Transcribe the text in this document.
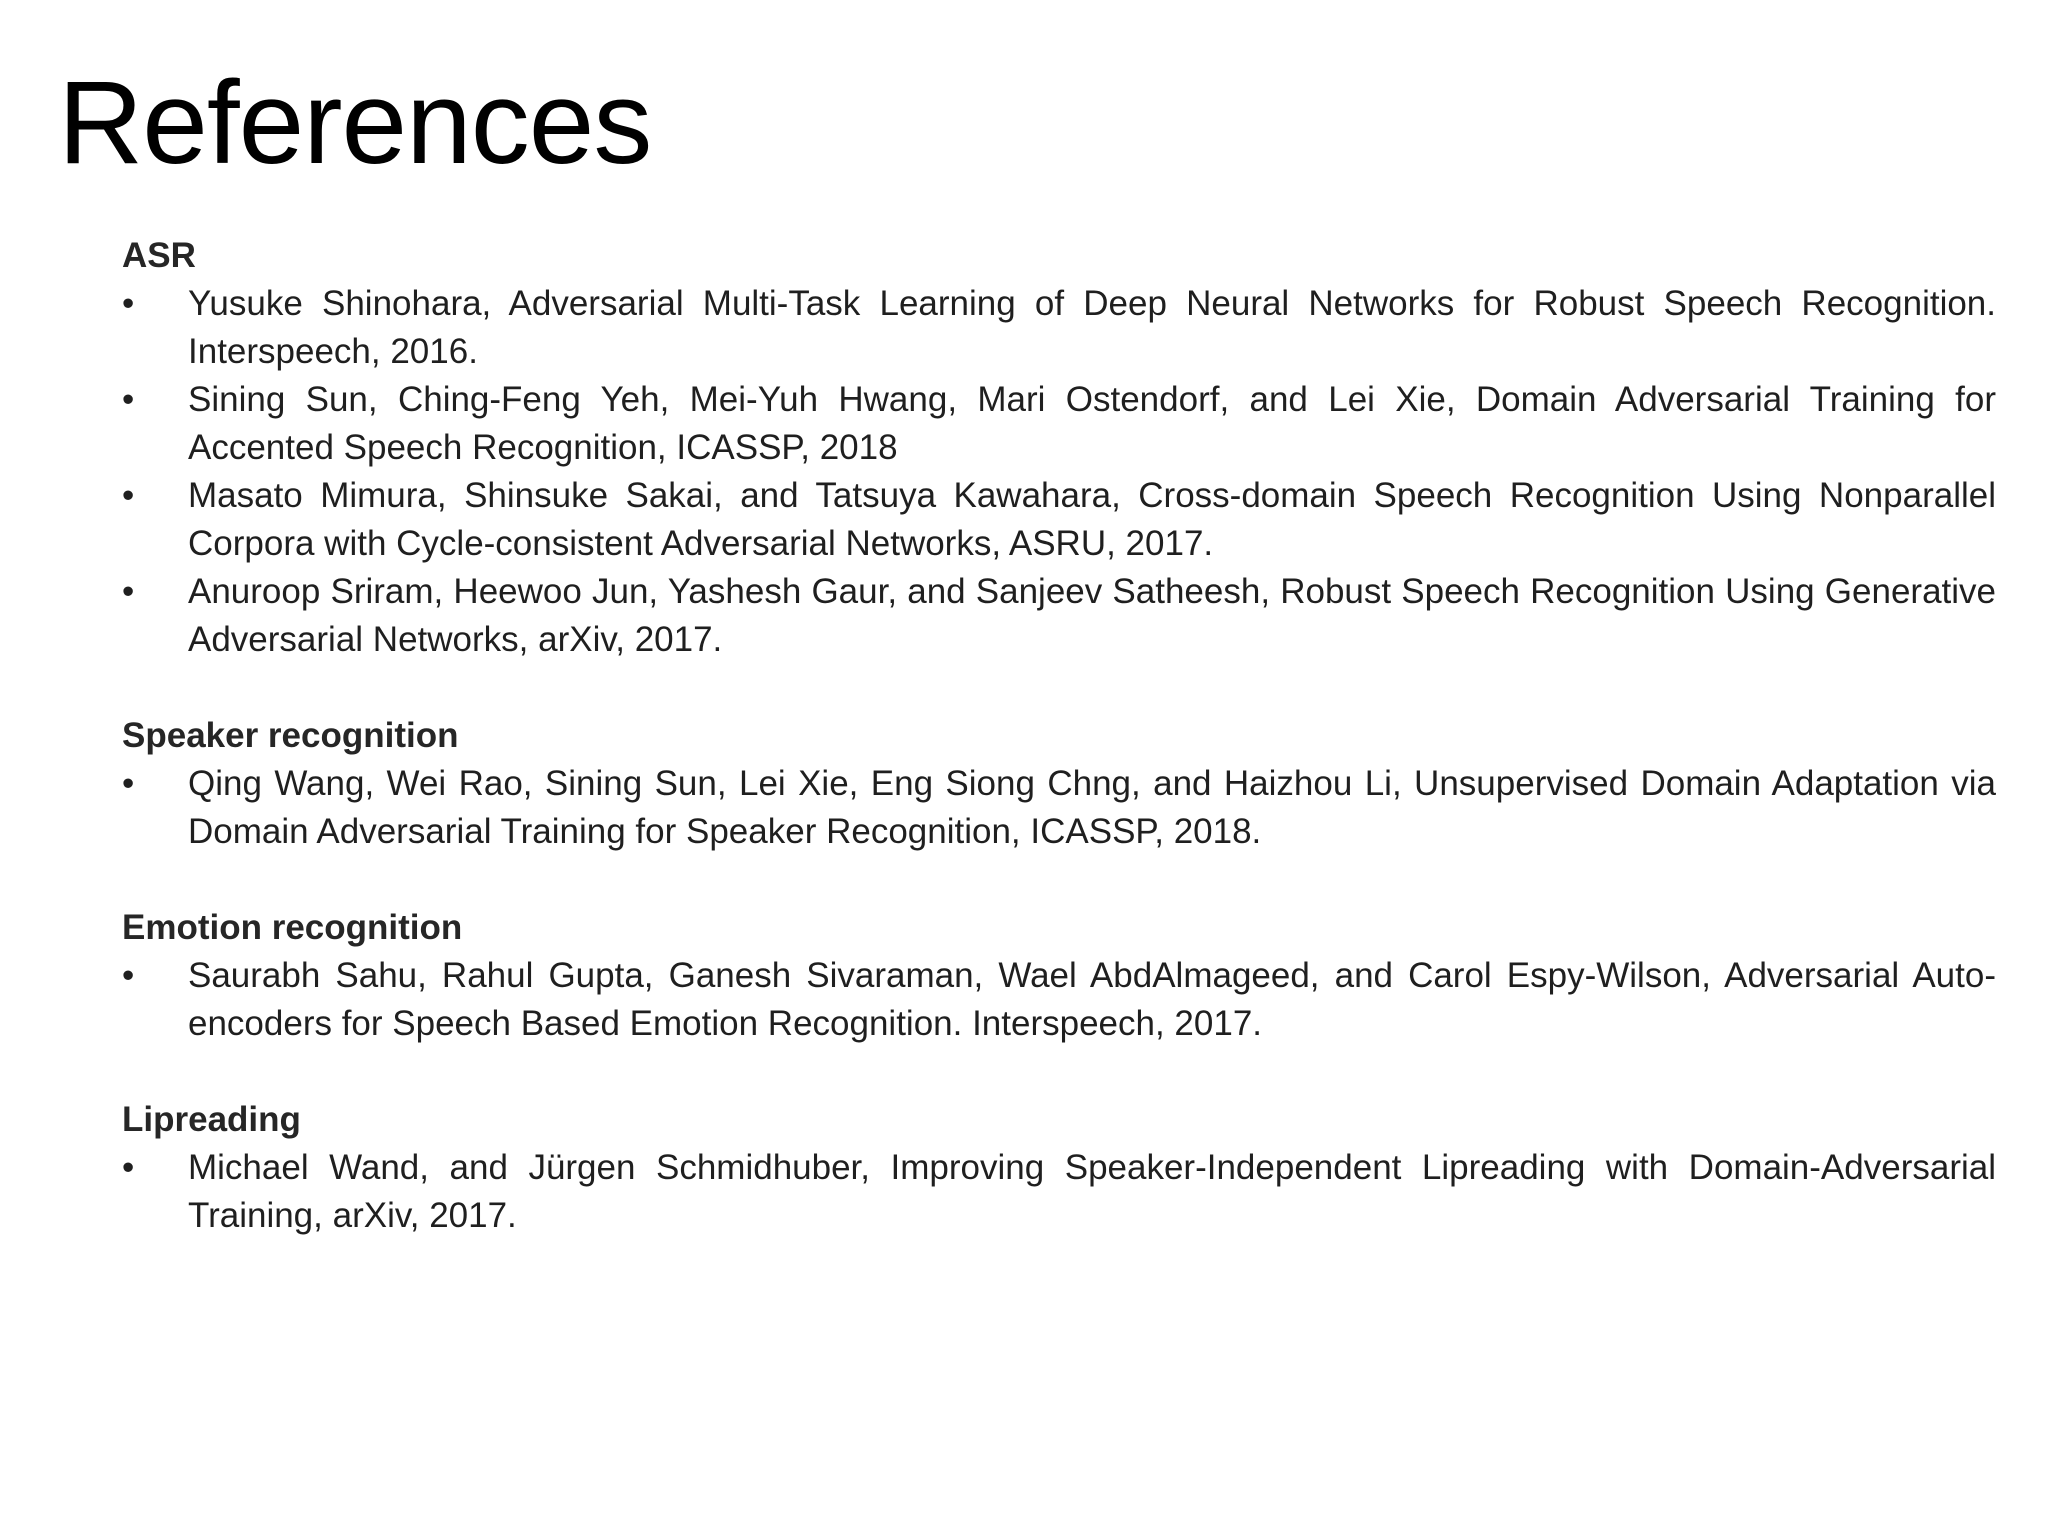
References

ASR

•	Yusuke Shinohara, Adversarial Multi-Task Learning of Deep Neural Networks for Robust Speech Recognition. Interspeech, 2016.
•	Sining Sun, Ching-Feng Yeh, Mei-Yuh Hwang, Mari Ostendorf, and Lei Xie, Domain Adversarial Training for Accented Speech Recognition, ICASSP, 2018
•	Masato Mimura, Shinsuke Sakai, and Tatsuya Kawahara, Cross-domain Speech Recognition Using Nonparallel Corpora with Cycle-consistent Adversarial Networks, ASRU, 2017.
•	Anuroop Sriram, Heewoo Jun, Yashesh Gaur, and Sanjeev Satheesh, Robust Speech Recognition Using Generative Adversarial Networks, arXiv, 2017.

Speaker recognition

•	Qing Wang, Wei Rao, Sining Sun, Lei Xie, Eng Siong Chng, and Haizhou Li, Unsupervised Domain Adaptation via Domain Adversarial Training for Speaker Recognition, ICASSP, 2018.

Emotion recognition

•	Saurabh Sahu, Rahul Gupta, Ganesh Sivaraman, Wael AbdAlmageed, and Carol Espy-Wilson, Adversarial Auto-encoders for Speech Based Emotion Recognition. Interspeech, 2017.

Lipreading

•	Michael Wand, and Jürgen Schmidhuber, Improving Speaker-Independent Lipreading with Domain-Adversarial Training, arXiv, 2017.
